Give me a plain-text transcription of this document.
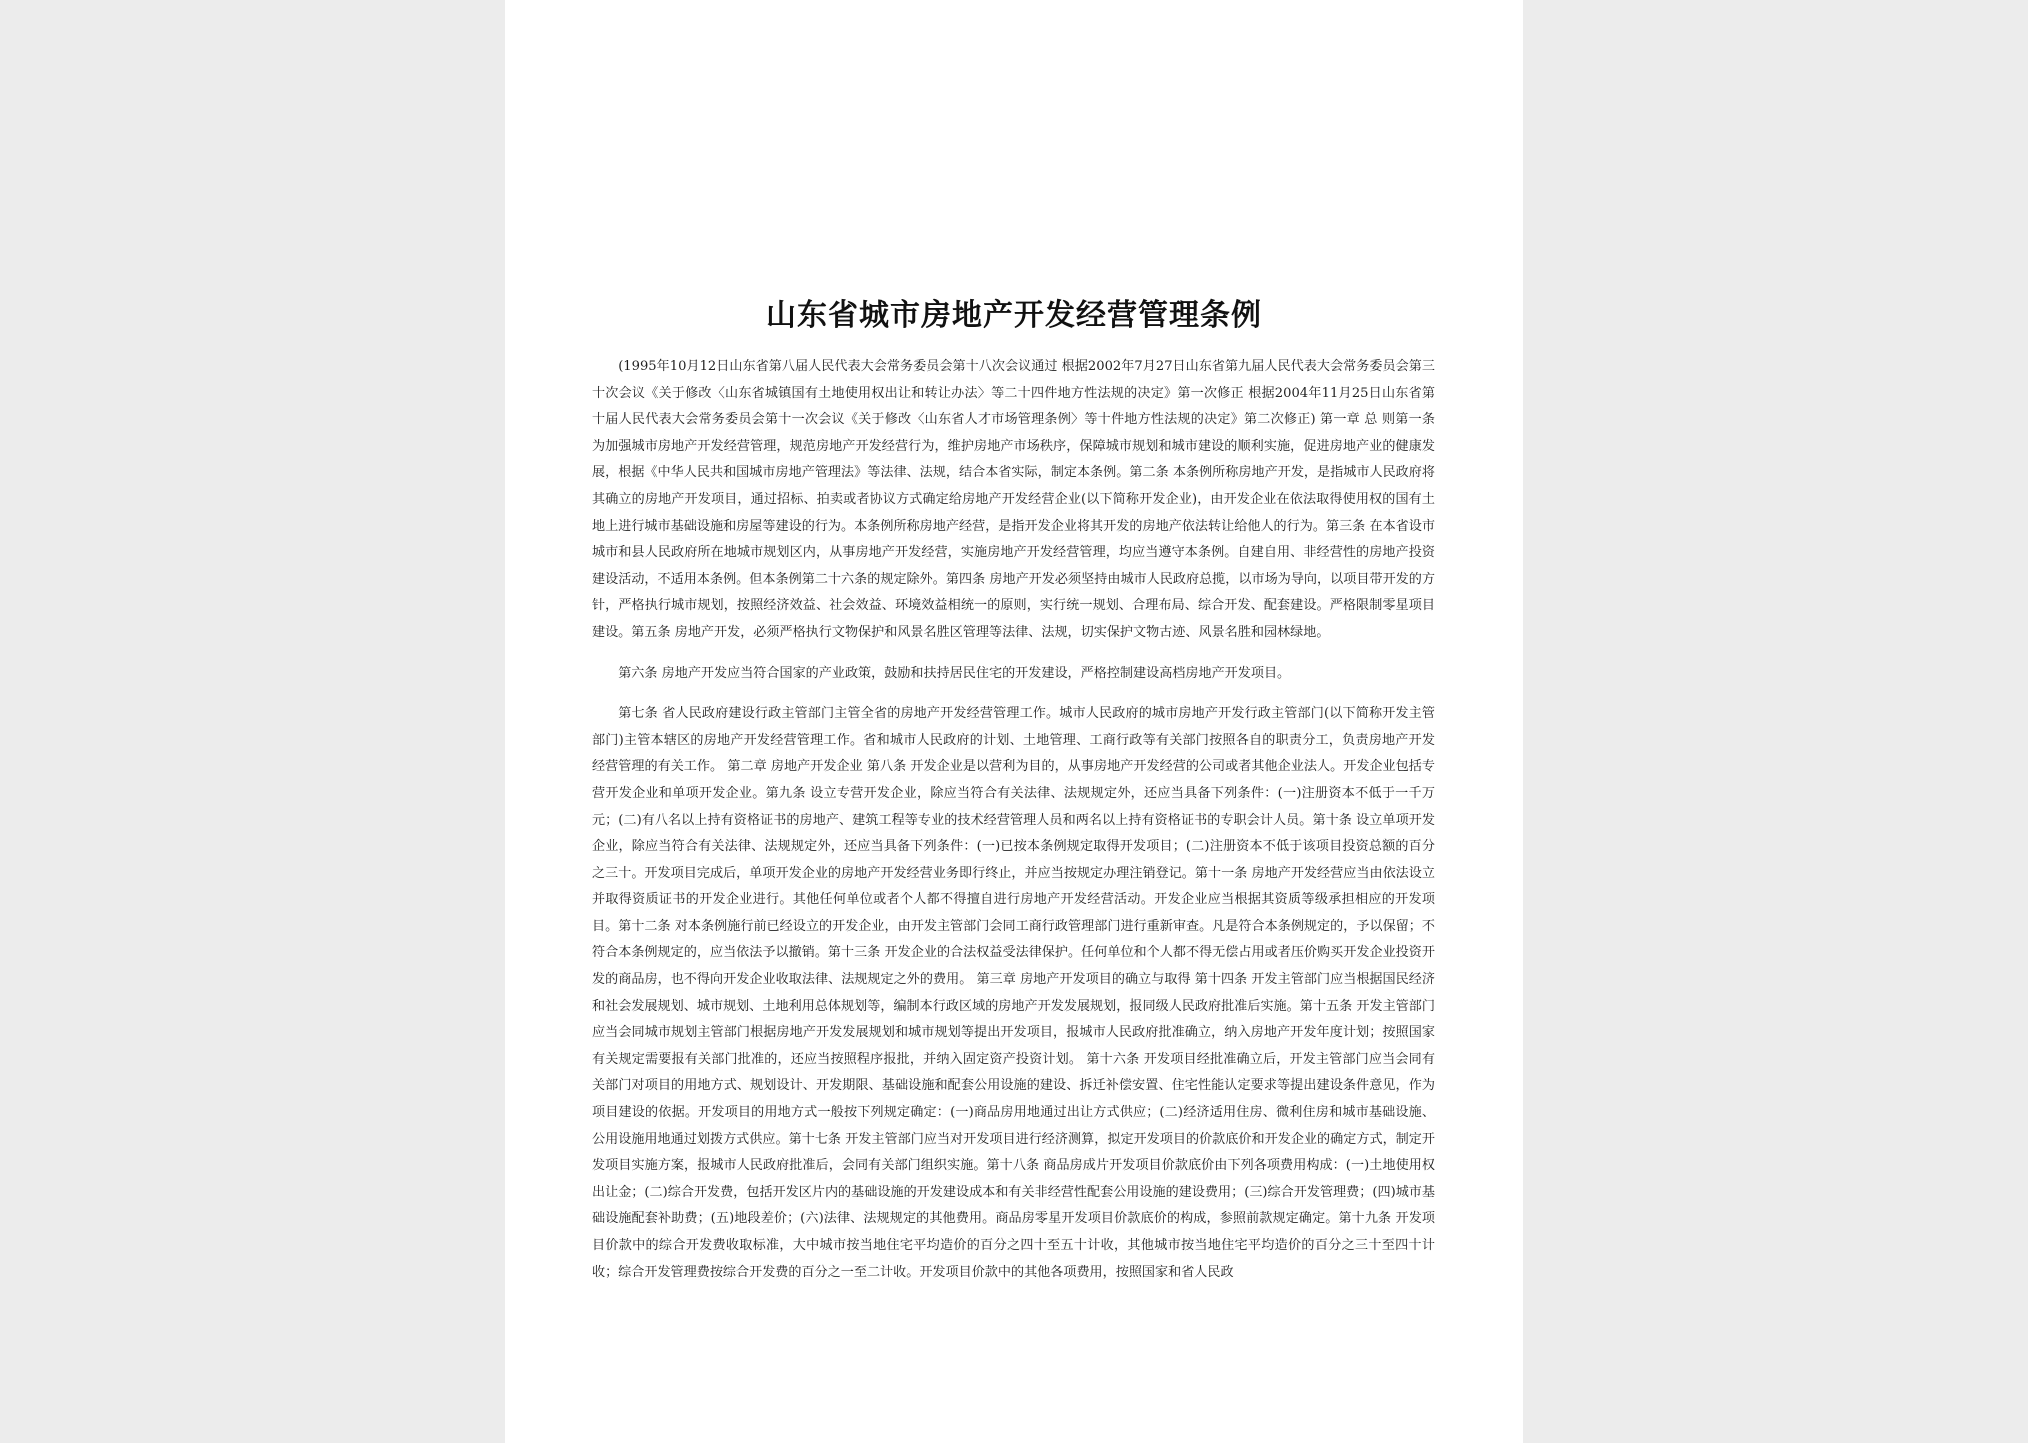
山东省城市房地产开发经营管理条例

(1995年10月12日山东省第八届人民代表大会常务委员会第十八次会议通过 根据2002年7月27日山东省第九届人民代表大会常务委员会第三十次会议《关于修改〈山东省城镇国有土地使用权出让和转让办法〉等二十四件地方性法规的决定》第一次修正 根据2004年11月25日山东省第十届人民代表大会常务委员会第十一次会议《关于修改〈山东省人才市场管理条例〉等十件地方性法规的决定》第二次修正) 第一章 总 则第一条 为加强城市房地产开发经营管理，规范房地产开发经营行为，维护房地产市场秩序，保障城市规划和城市建设的顺利实施，促进房地产业的健康发展，根据《中华人民共和国城市房地产管理法》等法律、法规，结合本省实际，制定本条例。第二条 本条例所称房地产开发，是指城市人民政府将其确立的房地产开发项目，通过招标、拍卖或者协议方式确定给房地产开发经营企业(以下简称开发企业)，由开发企业在依法取得使用权的国有土地上进行城市基础设施和房屋等建设的行为。本条例所称房地产经营，是指开发企业将其开发的房地产依法转让给他人的行为。第三条 在本省设市城市和县人民政府所在地城市规划区内，从事房地产开发经营，实施房地产开发经营管理，均应当遵守本条例。自建自用、非经营性的房地产投资建设活动，不适用本条例。但本条例第二十六条的规定除外。第四条 房地产开发必须坚持由城市人民政府总揽，以市场为导向，以项目带开发的方针，严格执行城市规划，按照经济效益、社会效益、环境效益相统一的原则，实行统一规划、合理布局、综合开发、配套建设。严格限制零星项目建设。第五条 房地产开发，必须严格执行文物保护和风景名胜区管理等法律、法规，切实保护文物古迹、风景名胜和园林绿地。

第六条 房地产开发应当符合国家的产业政策，鼓励和扶持居民住宅的开发建设，严格控制建设高档房地产开发项目。

第七条 省人民政府建设行政主管部门主管全省的房地产开发经营管理工作。城市人民政府的城市房地产开发行政主管部门(以下简称开发主管部门)主管本辖区的房地产开发经营管理工作。省和城市人民政府的计划、土地管理、工商行政等有关部门按照各自的职责分工，负责房地产开发经营管理的有关工作。 第二章 房地产开发企业 第八条 开发企业是以营利为目的，从事房地产开发经营的公司或者其他企业法人。开发企业包括专营开发企业和单项开发企业。第九条 设立专营开发企业，除应当符合有关法律、法规规定外，还应当具备下列条件：(一)注册资本不低于一千万元；(二)有八名以上持有资格证书的房地产、建筑工程等专业的技术经营管理人员和两名以上持有资格证书的专职会计人员。第十条 设立单项开发企业，除应当符合有关法律、法规规定外，还应当具备下列条件：(一)已按本条例规定取得开发项目；(二)注册资本不低于该项目投资总额的百分之三十。开发项目完成后，单项开发企业的房地产开发经营业务即行终止，并应当按规定办理注销登记。第十一条 房地产开发经营应当由依法设立并取得资质证书的开发企业进行。其他任何单位或者个人都不得擅自进行房地产开发经营活动。开发企业应当根据其资质等级承担相应的开发项目。第十二条 对本条例施行前已经设立的开发企业，由开发主管部门会同工商行政管理部门进行重新审查。凡是符合本条例规定的，予以保留；不符合本条例规定的，应当依法予以撤销。第十三条 开发企业的合法权益受法律保护。任何单位和个人都不得无偿占用或者压价购买开发企业投资开发的商品房，也不得向开发企业收取法律、法规规定之外的费用。 第三章 房地产开发项目的确立与取得 第十四条 开发主管部门应当根据国民经济和社会发展规划、城市规划、土地利用总体规划等，编制本行政区域的房地产开发发展规划，报同级人民政府批准后实施。第十五条 开发主管部门应当会同城市规划主管部门根据房地产开发发展规划和城市规划等提出开发项目，报城市人民政府批准确立，纳入房地产开发年度计划；按照国家有关规定需要报有关部门批准的，还应当按照程序报批，并纳入固定资产投资计划。 第十六条 开发项目经批准确立后，开发主管部门应当会同有关部门对项目的用地方式、规划设计、开发期限、基础设施和配套公用设施的建设、拆迁补偿安置、住宅性能认定要求等提出建设条件意见，作为项目建设的依据。开发项目的用地方式一般按下列规定确定：(一)商品房用地通过出让方式供应；(二)经济适用住房、微利住房和城市基础设施、公用设施用地通过划拨方式供应。第十七条 开发主管部门应当对开发项目进行经济测算，拟定开发项目的价款底价和开发企业的确定方式，制定开发项目实施方案，报城市人民政府批准后，会同有关部门组织实施。第十八条 商品房成片开发项目价款底价由下列各项费用构成：(一)土地使用权出让金；(二)综合开发费，包括开发区片内的基础设施的开发建设成本和有关非经营性配套公用设施的建设费用；(三)综合开发管理费；(四)城市基础设施配套补助费；(五)地段差价；(六)法律、法规规定的其他费用。商品房零星开发项目价款底价的构成，参照前款规定确定。第十九条 开发项目价款中的综合开发费收取标准，大中城市按当地住宅平均造价的百分之四十至五十计收，其他城市按当地住宅平均造价的百分之三十至四十计收；综合开发管理费按综合开发费的百分之一至二计收。开发项目价款中的其他各项费用，按照国家和省人民政
